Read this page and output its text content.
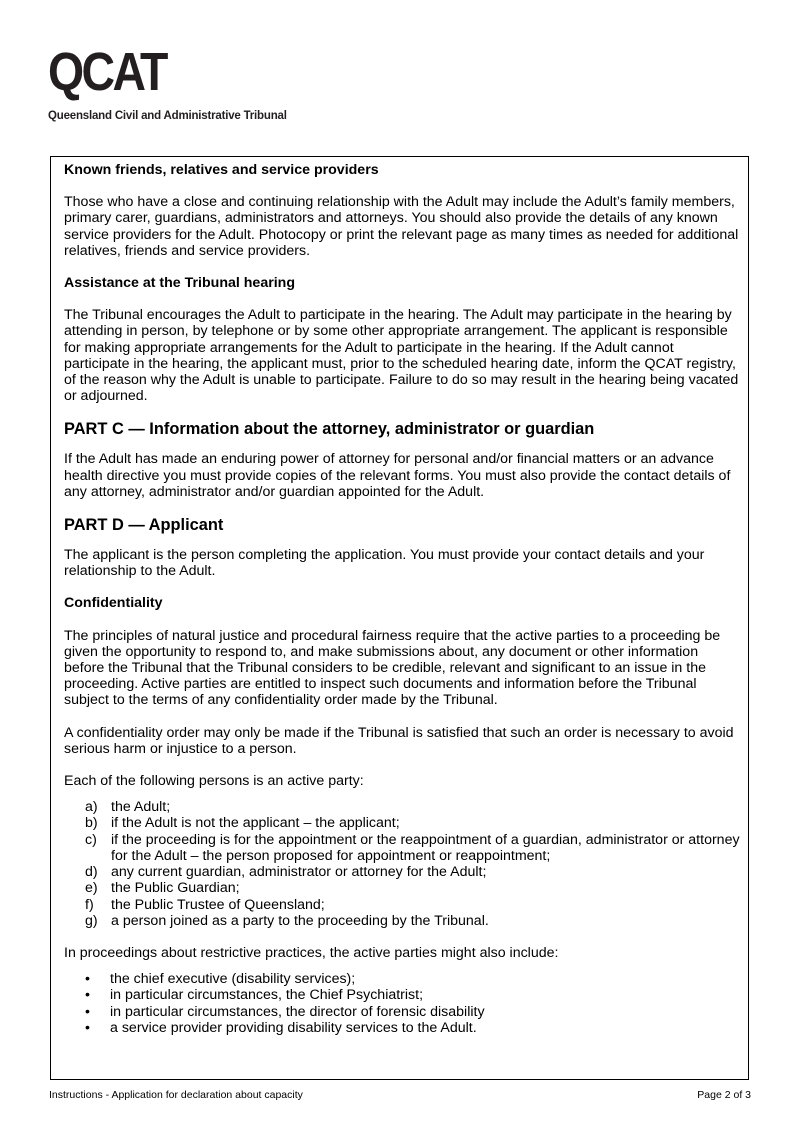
QCAT
Queensland Civil and Administrative Tribunal

Known friends, relatives and service providers

Those who have a close and continuing relationship with the Adult may include the Adult’s family members, primary carer, guardians, administrators and attorneys. You should also provide the details of any known service providers for the Adult. Photocopy or print the relevant page as many times as needed for additional relatives, friends and service providers.

Assistance at the Tribunal hearing

The Tribunal encourages the Adult to participate in the hearing. The Adult may participate in the hearing by attending in person, by telephone or by some other appropriate arrangement. The applicant is responsible for making appropriate arrangements for the Adult to participate in the hearing. If the Adult cannot participate in the hearing, the applicant must, prior to the scheduled hearing date, inform the QCAT registry, of the reason why the Adult is unable to participate. Failure to do so may result in the hearing being vacated or adjourned.

PART C — Information about the attorney, administrator or guardian

If the Adult has made an enduring power of attorney for personal and/or financial matters or an advance health directive you must provide copies of the relevant forms. You must also provide the contact details of any attorney, administrator and/or guardian appointed for the Adult.

PART D — Applicant

The applicant is the person completing the application. You must provide your contact details and your relationship to the Adult.

Confidentiality

The principles of natural justice and procedural fairness require that the active parties to a proceeding be given the opportunity to respond to, and make submissions about, any document or other information before the Tribunal that the Tribunal considers to be credible, relevant and significant to an issue in the proceeding. Active parties are entitled to inspect such documents and information before the Tribunal subject to the terms of any confidentiality order made by the Tribunal.

A confidentiality order may only be made if the Tribunal is satisfied that such an order is necessary to avoid serious harm or injustice to a person.

Each of the following persons is an active party:

a) the Adult;
b) if the Adult is not the applicant – the applicant;
c) if the proceeding is for the appointment or the reappointment of a guardian, administrator or attorney for the Adult – the person proposed for appointment or reappointment;
d) any current guardian, administrator or attorney for the Adult;
e) the Public Guardian;
f) the Public Trustee of Queensland;
g) a person joined as a party to the proceeding by the Tribunal.

In proceedings about restrictive practices, the active parties might also include:

• the chief executive (disability services);
• in particular circumstances, the Chief Psychiatrist;
• in particular circumstances, the director of forensic disability
• a service provider providing disability services to the Adult.
Instructions - Application for declaration about capacity	Page 2 of 3
